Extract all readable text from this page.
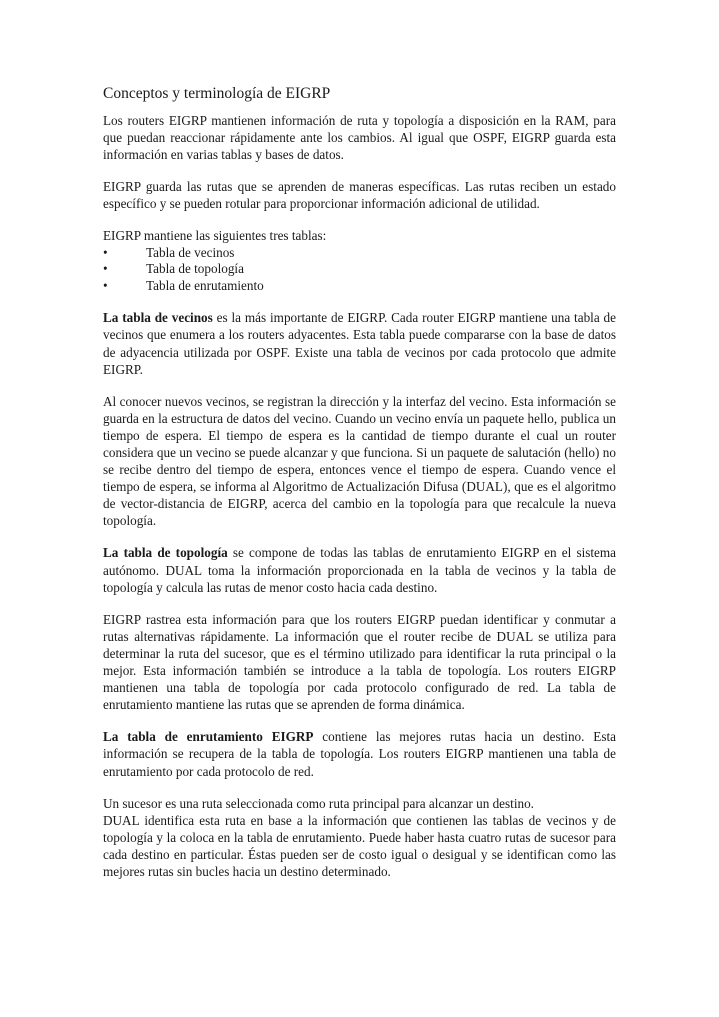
Conceptos y terminología de EIGRP

Los routers EIGRP mantienen información de ruta y topología a disposición en la RAM, para que puedan reaccionar rápidamente ante los cambios. Al igual que OSPF, EIGRP guarda esta información en varias tablas y bases de datos.

EIGRP guarda las rutas que se aprenden de maneras específicas. Las rutas reciben un estado específico y se pueden rotular para proporcionar información adicional de utilidad.

EIGRP mantiene las siguientes tres tablas:

•	Tabla de vecinos
•	Tabla de topología
•	Tabla de enrutamiento

La tabla de vecinos es la más importante de EIGRP. Cada router EIGRP mantiene una tabla de vecinos que enumera a los routers adyacentes. Esta tabla puede compararse con la base de datos de adyacencia utilizada por OSPF. Existe una tabla de vecinos por cada protocolo que admite EIGRP.

Al conocer nuevos vecinos, se registran la dirección y la interfaz del vecino. Esta información se guarda en la estructura de datos del vecino. Cuando un vecino envía un paquete hello, publica un tiempo de espera. El tiempo de espera es la cantidad de tiempo durante el cual un router considera que un vecino se puede alcanzar y que funciona. Si un paquete de salutación (hello) no se recibe dentro del tiempo de espera, entonces vence el tiempo de espera. Cuando vence el tiempo de espera, se informa al Algoritmo de Actualización Difusa (DUAL), que es el algoritmo de vector-distancia de EIGRP, acerca del cambio en la topología para que recalcule la nueva topología.

La tabla de topología se compone de todas las tablas de enrutamiento EIGRP en el sistema autónomo. DUAL toma la información proporcionada en la tabla de vecinos y la tabla de topología y calcula las rutas de menor costo hacia cada destino.

EIGRP rastrea esta información para que los routers EIGRP puedan identificar y conmutar a rutas alternativas rápidamente. La información que el router recibe de DUAL se utiliza para determinar la ruta del sucesor, que es el término utilizado para identificar la ruta principal o la mejor. Esta información también se introduce a la tabla de topología. Los routers EIGRP mantienen una tabla de topología por cada protocolo configurado de red. La tabla de enrutamiento mantiene las rutas que se aprenden de forma dinámica.

La tabla de enrutamiento EIGRP contiene las mejores rutas hacia un destino. Esta información se recupera de la tabla de topología. Los routers EIGRP mantienen una tabla de enrutamiento por cada protocolo de red.

Un sucesor es una ruta seleccionada como ruta principal para alcanzar un destino.

DUAL identifica esta ruta en base a la información que contienen las tablas de vecinos y de topología y la coloca en la tabla de enrutamiento. Puede haber hasta cuatro rutas de sucesor para cada destino en particular. Éstas pueden ser de costo igual o desigual y se identifican como las mejores rutas sin bucles hacia un destino determinado.
